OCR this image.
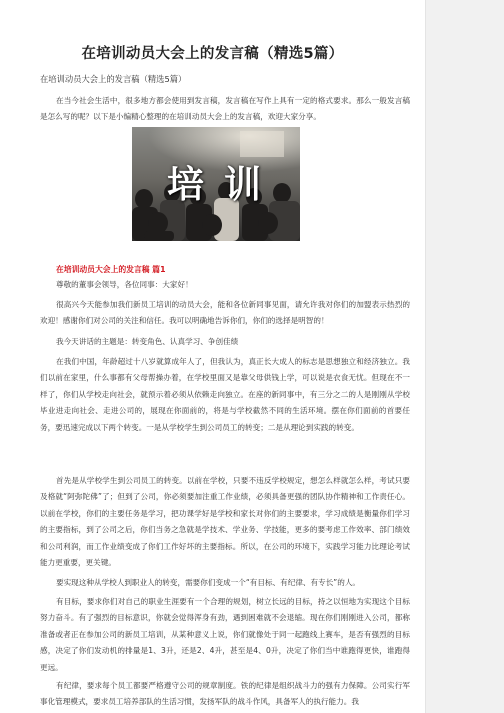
在培训动员大会上的发言稿（精选5篇）
在培训动员大会上的发言稿（精选5篇）

在当今社会生活中，很多地方都会使用到发言稿，发言稿在写作上具有一定的格式要求。那么一般发言稿是怎么写的呢？以下是小编精心整理的在培训动员大会上的发言稿，欢迎大家分享。

培训
在培训动员大会上的发言稿 篇1

尊敬的董事会领导，各位同事：大家好！

很高兴今天能参加我们新员工培训的动员大会，能和各位新同事见面，请允许我对你们的加盟表示热烈的欢迎！感谢你们对公司的关注和信任。我可以明确地告诉你们，你们的选择是明智的！

我今天讲话的主题是：转变角色、认真学习、争创佳绩

在我们中国，年龄超过十八岁就算成年人了，但我认为，真正长大成人的标志是思想独立和经济独立。我们以前在家里，什么事都有父母帮操办着，在学校里面又是靠父母供钱上学，可以说是衣食无忧。但现在不一样了，你们从学校走向社会，就预示着必须从依赖走向独立。在座的新同事中，有三分之二的人是刚刚从学校毕业进走向社会、走进公司的，展现在你面前的，将是与学校截然不同的生活环境。摆在你们面前的首要任务，要迅速完成以下两个转变。一是从学校学生到公司员工的转变；二是从理论到实践的转变。

首先是从学校学生到公司员工的转变。以前在学校，只要不违反学校规定，想怎么样就怎么样，考试只要及格就“阿弥陀佛”了；但到了公司，你必须要加注重工作业绩，必须具备更强的团队协作精神和工作责任心。以前在学校，你们的主要任务是学习，把功课学好是学校和家长对你们的主要要求，学习成绩是衡量你们学习的主要指标，到了公司之后，你们当务之急就是学技术、学业务、学技能，更多的要考虑工作效率、部门绩效和公司利润，而工作业绩变成了你们工作好坏的主要指标。所以，在公司的环境下，实践学习能力比理论考试能力更重要，更关键。

要实现这种从学校人到职业人的转变，需要你们变成一个“有目标、有纪律、有专长”的人。

有目标，要求你们对自己的职业生涯要有一个合理的规划，树立长远的目标，持之以恒地为实现这个目标努力奋斗。有了强烈的目标意识，你就会觉得浑身有劲，遇到困难就不会退缩。现在你们刚刚进入公司，都称准备或者正在参加公司的新员工培训，从某种意义上说，你们就像处于同一起跑线上赛车，是否有强烈的目标感，决定了你们发动机的排量是1、3升，还是2、4升，甚至是4、0升，决定了你们当中谁跑得更快，谁跑得更远。

有纪律，要求每个员工都要严格遵守公司的规章制度。铁的纪律是组织战斗力的强有力保障。公司实行军事化管理模式，要求员工培养部队的生活习惯，发扬军队的战斗作风，具备军人的执行能力。我
